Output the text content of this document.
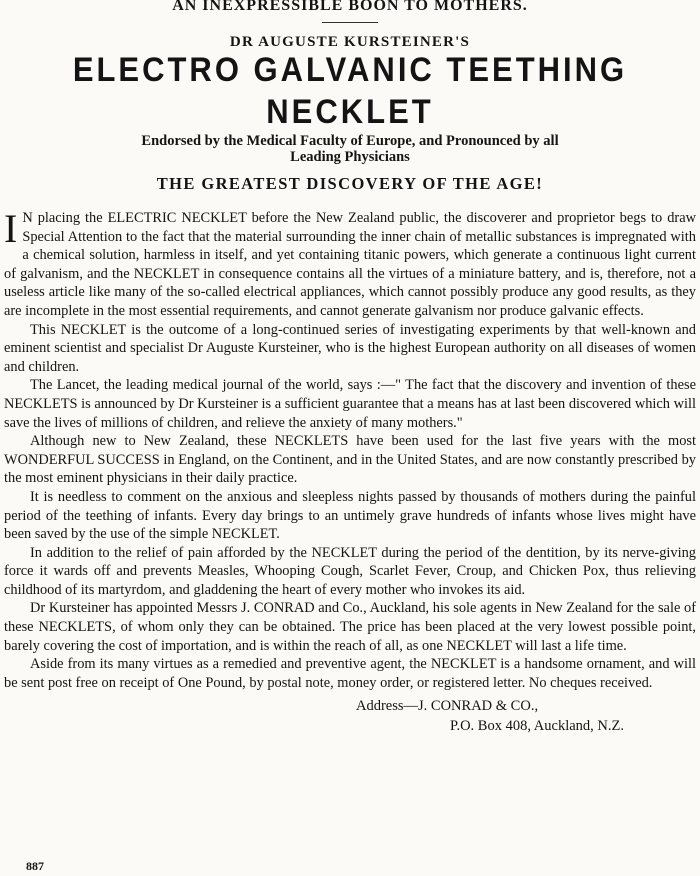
AN INEXPRESSIBLE BOON TO MOTHERS.
DR AUGUSTE KURSTEINER'S
ELECTRO GALVANIC TEETHING NECKLET
Endorsed by the Medical Faculty of Europe, and Pronounced by all
Leading Physicians
THE GREATEST DISCOVERY OF THE AGE!

I N placing the ELECTRIC NECKLET before the New Zealand public, the discoverer and proprietor begs to draw Special Attention to the fact that the material surrounding the inner chain of metallic substances is impregnated with a chemical solution, harmless in itself, and yet containing titanic powers, which generate a continuous light current of galvanism, and the NECKLET in consequence contains all the virtues of a miniature battery, and is, therefore, not a useless article like many of the so-called electrical appliances, which cannot possibly produce any good results, as they are incomplete in the most essential requirements, and cannot generate galvanism nor produce galvanic effects.

This NECKLET is the outcome of a long-continued series of investigating experiments by that well-known and eminent scientist and specialist Dr Auguste Kursteiner, who is the highest European authority on all diseases of women and children.

The Lancet, the leading medical journal of the world, says :—" The fact that the discovery and invention of these NECKLETS is announced by Dr Kursteiner is a sufficient guarantee that a means has at last been discovered which will save the lives of millions of children, and relieve the anxiety of many mothers."

Although new to New Zealand, these NECKLETS have been used for the last five years with the most WONDERFUL SUCCESS in England, on the Continent, and in the United States, and are now constantly prescribed by the most eminent physicians in their daily practice.

It is needless to comment on the anxious and sleepless nights passed by thousands of mothers during the painful period of the teething of infants. Every day brings to an untimely grave hundreds of infants whose lives might have been saved by the use of the simple NECKLET.

In addition to the relief of pain afforded by the NECKLET during the period of the dentition, by its nerve-giving force it wards off and prevents Measles, Whooping Cough, Scarlet Fever, Croup, and Chicken Pox, thus relieving childhood of its martyrdom, and gladdening the heart of every mother who invokes its aid.

Dr Kursteiner has appointed Messrs J. CONRAD and Co., Auckland, his sole agents in New Zealand for the sale of these NECKLETS, of whom only they can be obtained. The price has been placed at the very lowest possible point, barely covering the cost of importation, and is within the reach of all, as one NECKLET will last a life time.

Aside from its many virtues as a remedied and preventive agent, the NECKLET is a handsome ornament, and will be sent post free on receipt of One Pound, by postal note, money order, or registered letter. No cheques received.

Address—J. CONRAD & CO.,
P.O. Box 408, Auckland, N.Z.
887
